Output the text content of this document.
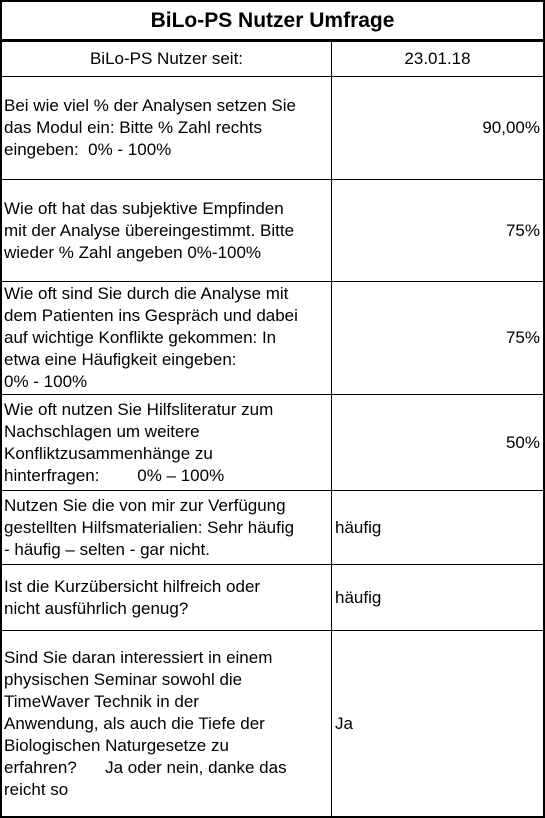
BiLo-PS Nutzer Umfrage
BiLo-PS Nutzer seit:	23.01.18
Bei wie viel % der Analysen setzen Sie
das Modul ein: Bitte % Zahl rechts
eingeben:  0% - 100%
90,00%
Wie oft hat das subjektive Empfinden
mit der Analyse übereingestimmt. Bitte
wieder % Zahl angeben 0%-100%
75%
Wie oft sind Sie durch die Analyse mit
dem Patienten ins Gespräch und dabei
auf wichtige Konflikte gekommen: In
etwa eine Häufigkeit eingeben:
0% - 100%
75%
Wie oft nutzen Sie Hilfsliteratur zum
Nachschlagen um weitere
Konfliktzusammenhänge zu
hinterfragen:        0% – 100%
50%
Nutzen Sie die von mir zur Verfügung
gestellten Hilfsmaterialien: Sehr häufig
- häufig – selten - gar nicht.
häufig
Ist die Kurzübersicht hilfreich oder
nicht ausführlich genug?
häufig
Sind Sie daran interessiert in einem
physischen Seminar sowohl die
TimeWaver Technik in der
Anwendung, als auch die Tiefe der
Biologischen Naturgesetze zu
erfahren?      Ja oder nein, danke das
reicht so
Ja
